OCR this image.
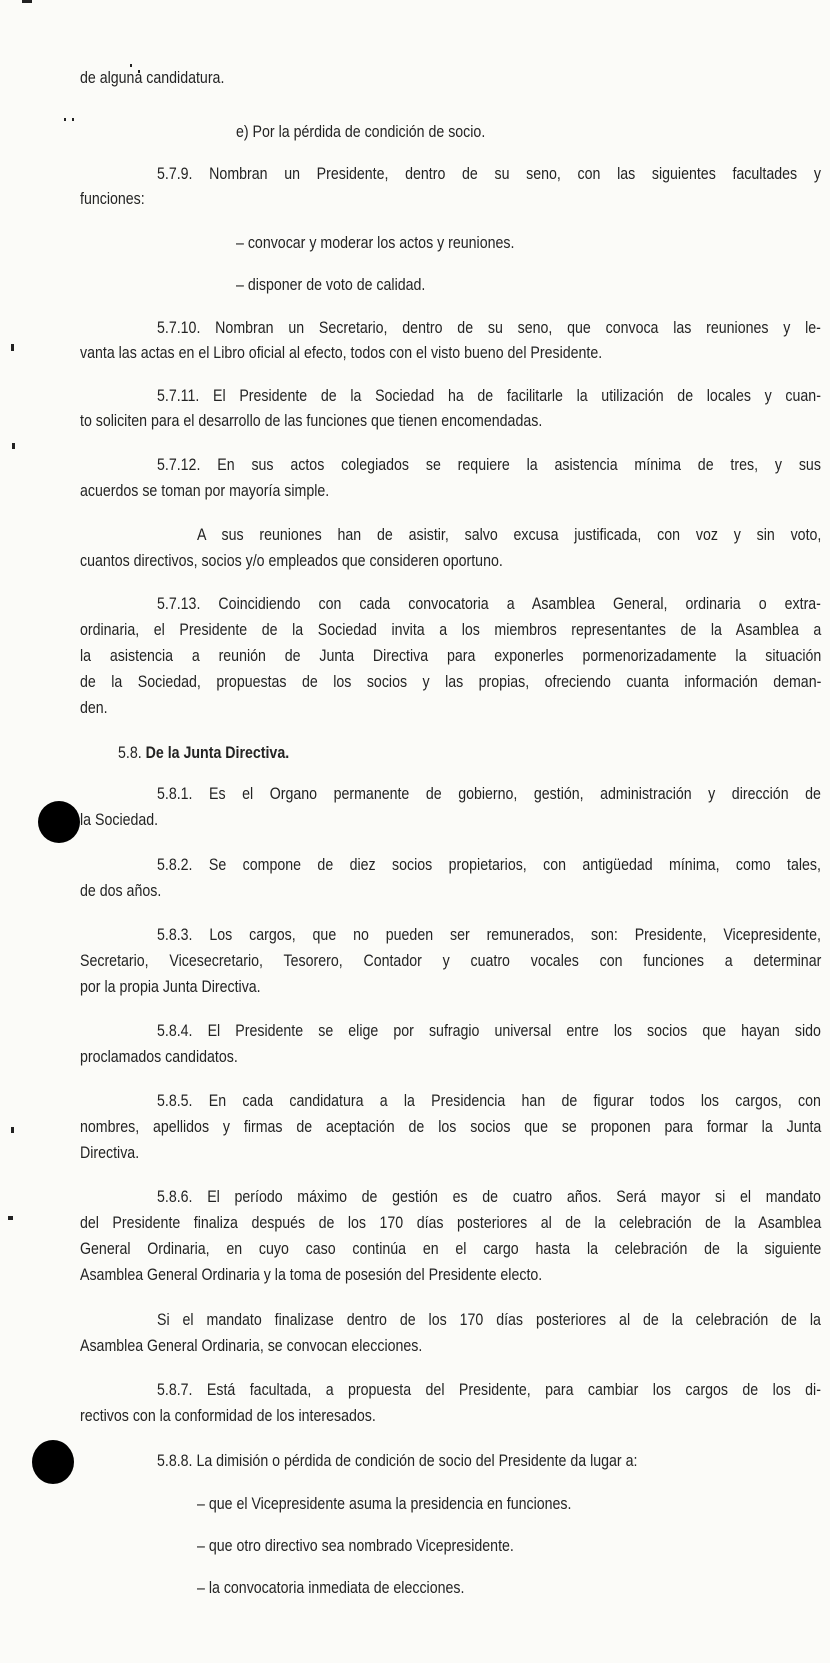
de alguna candidatura.
e) Por la pérdida de condición de socio.
5.7.9. Nombran un Presidente, dentro de su seno, con las siguientes facultades y
funciones:
– convocar y moderar los actos y reuniones.
– disponer de voto de calidad.
5.7.10. Nombran un Secretario, dentro de su seno, que convoca las reuniones y le-
vanta las actas en el Libro oficial al efecto, todos con el visto bueno del Presidente.
5.7.11. El Presidente de la Sociedad ha de facilitarle la utilización de locales y cuan-
to soliciten para el desarrollo de las funciones que tienen encomendadas.
5.7.12. En sus actos colegiados se requiere la asistencia mínima de tres, y sus
acuerdos se toman por mayoría simple.
A sus reuniones han de asistir, salvo excusa justificada, con voz y sin voto,
cuantos directivos, socios y/o empleados que consideren oportuno.
5.7.13. Coincidiendo con cada convocatoria a Asamblea General, ordinaria o extra-
ordinaria, el Presidente de la Sociedad invita a los miembros representantes de la Asamblea a
la asistencia a reunión de Junta Directiva para exponerles pormenorizadamente la situación
de la Sociedad, propuestas de los socios y las propias, ofreciendo cuanta información deman-
den.
5.8. De la Junta Directiva.
5.8.1. Es el Organo permanente de gobierno, gestión, administración y dirección de
la Sociedad.
5.8.2. Se compone de diez socios propietarios, con antigüedad mínima, como tales,
de dos años.
5.8.3. Los cargos, que no pueden ser remunerados, son: Presidente, Vicepresidente,
Secretario, Vicesecretario, Tesorero, Contador y cuatro vocales con funciones a determinar
por la propia Junta Directiva.
5.8.4. El Presidente se elige por sufragio universal entre los socios que hayan sido
proclamados candidatos.
5.8.5. En cada candidatura a la Presidencia han de figurar todos los cargos, con
nombres, apellidos y firmas de aceptación de los socios que se proponen para formar la Junta
Directiva.
5.8.6. El período máximo de gestión es de cuatro años. Será mayor si el mandato
del Presidente finaliza después de los 170 días posteriores al de la celebración de la Asamblea
General Ordinaria, en cuyo caso continúa en el cargo hasta la celebración de la siguiente
Asamblea General Ordinaria y la toma de posesión del Presidente electo.
Si el mandato finalizase dentro de los 170 días posteriores al de la celebración de la
Asamblea General Ordinaria, se convocan elecciones.
5.8.7. Está facultada, a propuesta del Presidente, para cambiar los cargos de los di-
rectivos con la conformidad de los interesados.
5.8.8. La dimisión o pérdida de condición de socio del Presidente da lugar a:
– que el Vicepresidente asuma la presidencia en funciones.
– que otro directivo sea nombrado Vicepresidente.
– la convocatoria inmediata de elecciones.
